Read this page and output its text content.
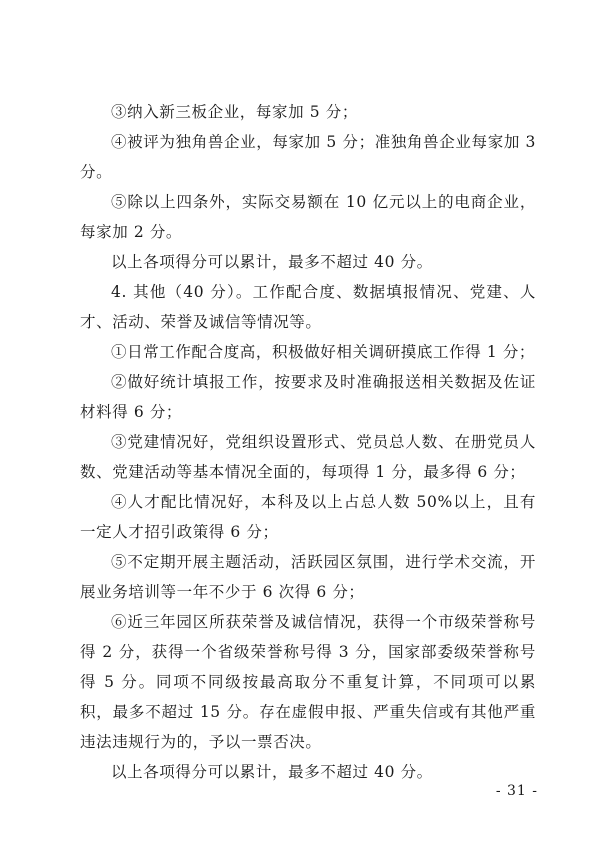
③纳入新三板企业，每家加 5 分；

④被评为独角兽企业，每家加 5 分；准独角兽企业每家加 3 分。

⑤除以上四条外，实际交易额在 10 亿元以上的电商企业，每家加 2 分。

以上各项得分可以累计，最多不超过 40 分。

4. 其他（40 分）。工作配合度、数据填报情况、党建、人才、活动、荣誉及诚信等情况等。

①日常工作配合度高，积极做好相关调研摸底工作得 1 分；

②做好统计填报工作，按要求及时准确报送相关数据及佐证材料得 6 分；

③党建情况好，党组织设置形式、党员总人数、在册党员人数、党建活动等基本情况全面的，每项得 1 分，最多得 6 分；

④人才配比情况好，本科及以上占总人数 50%以上，且有一定人才招引政策得 6 分；

⑤不定期开展主题活动，活跃园区氛围，进行学术交流，开展业务培训等一年不少于 6 次得 6 分；

⑥近三年园区所获荣誉及诚信情况，获得一个市级荣誉称号得 2 分，获得一个省级荣誉称号得 3 分，国家部委级荣誉称号得 5 分。同项不同级按最高取分不重复计算，不同项可以累积，最多不超过 15 分。存在虚假申报、严重失信或有其他严重违法违规行为的，予以一票否决。

以上各项得分可以累计，最多不超过 40 分。

- 31 -
